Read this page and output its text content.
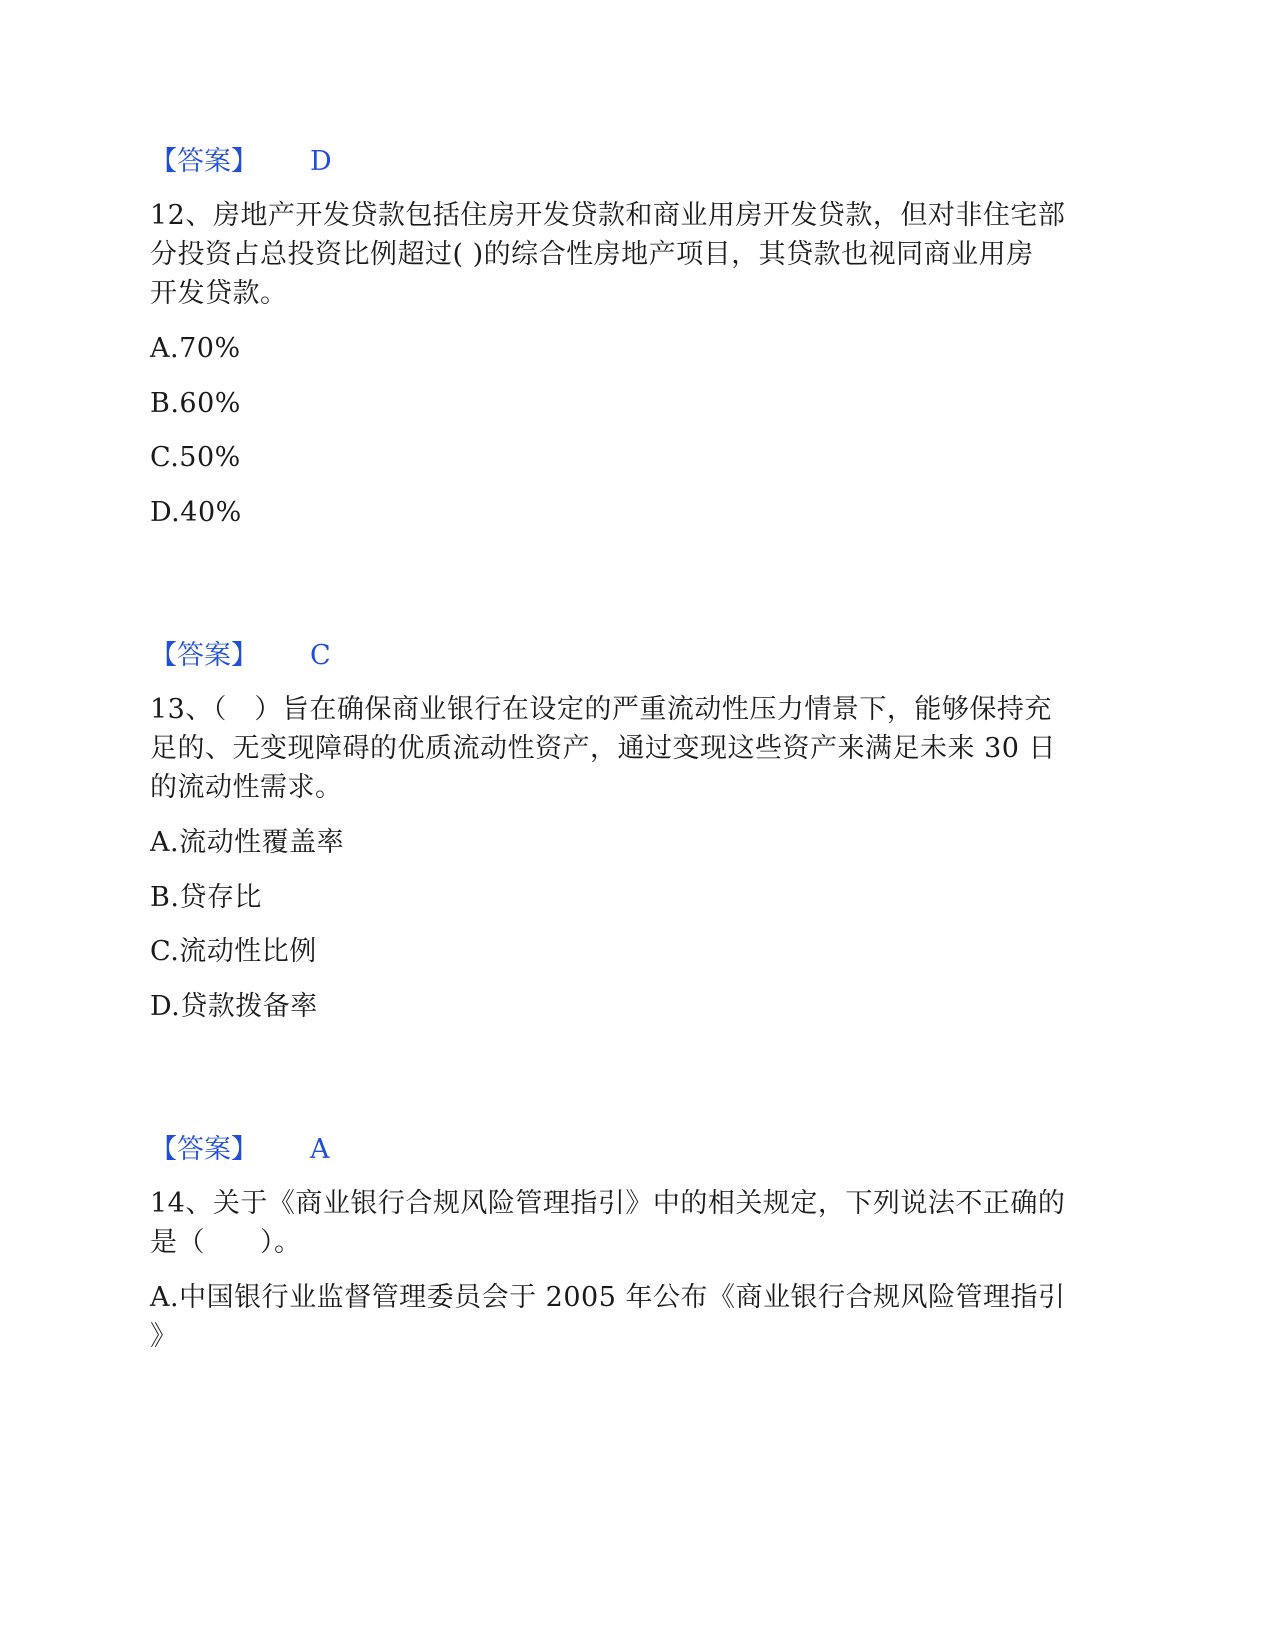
【答案】 D
12、房地产开发贷款包括住房开发贷款和商业用房开发贷款，但对非住宅部
分投资占总投资比例超过( )的综合性房地产项目，其贷款也视同商业用房
开发贷款。
A.70%
B.60%
C.50%
D.40%
【答案】 C
13、（　）旨在确保商业银行在设定的严重流动性压力情景下，能够保持充
足的、无变现障碍的优质流动性资产，通过变现这些资产来满足未来 30 日
的流动性需求。
A.流动性覆盖率
B.贷存比
C.流动性比例
D.贷款拨备率
【答案】 A
14、关于《商业银行合规风险管理指引》中的相关规定，下列说法不正确的
是（　　）。
A.中国银行业监督管理委员会于 2005 年公布《商业银行合规风险管理指引
》
